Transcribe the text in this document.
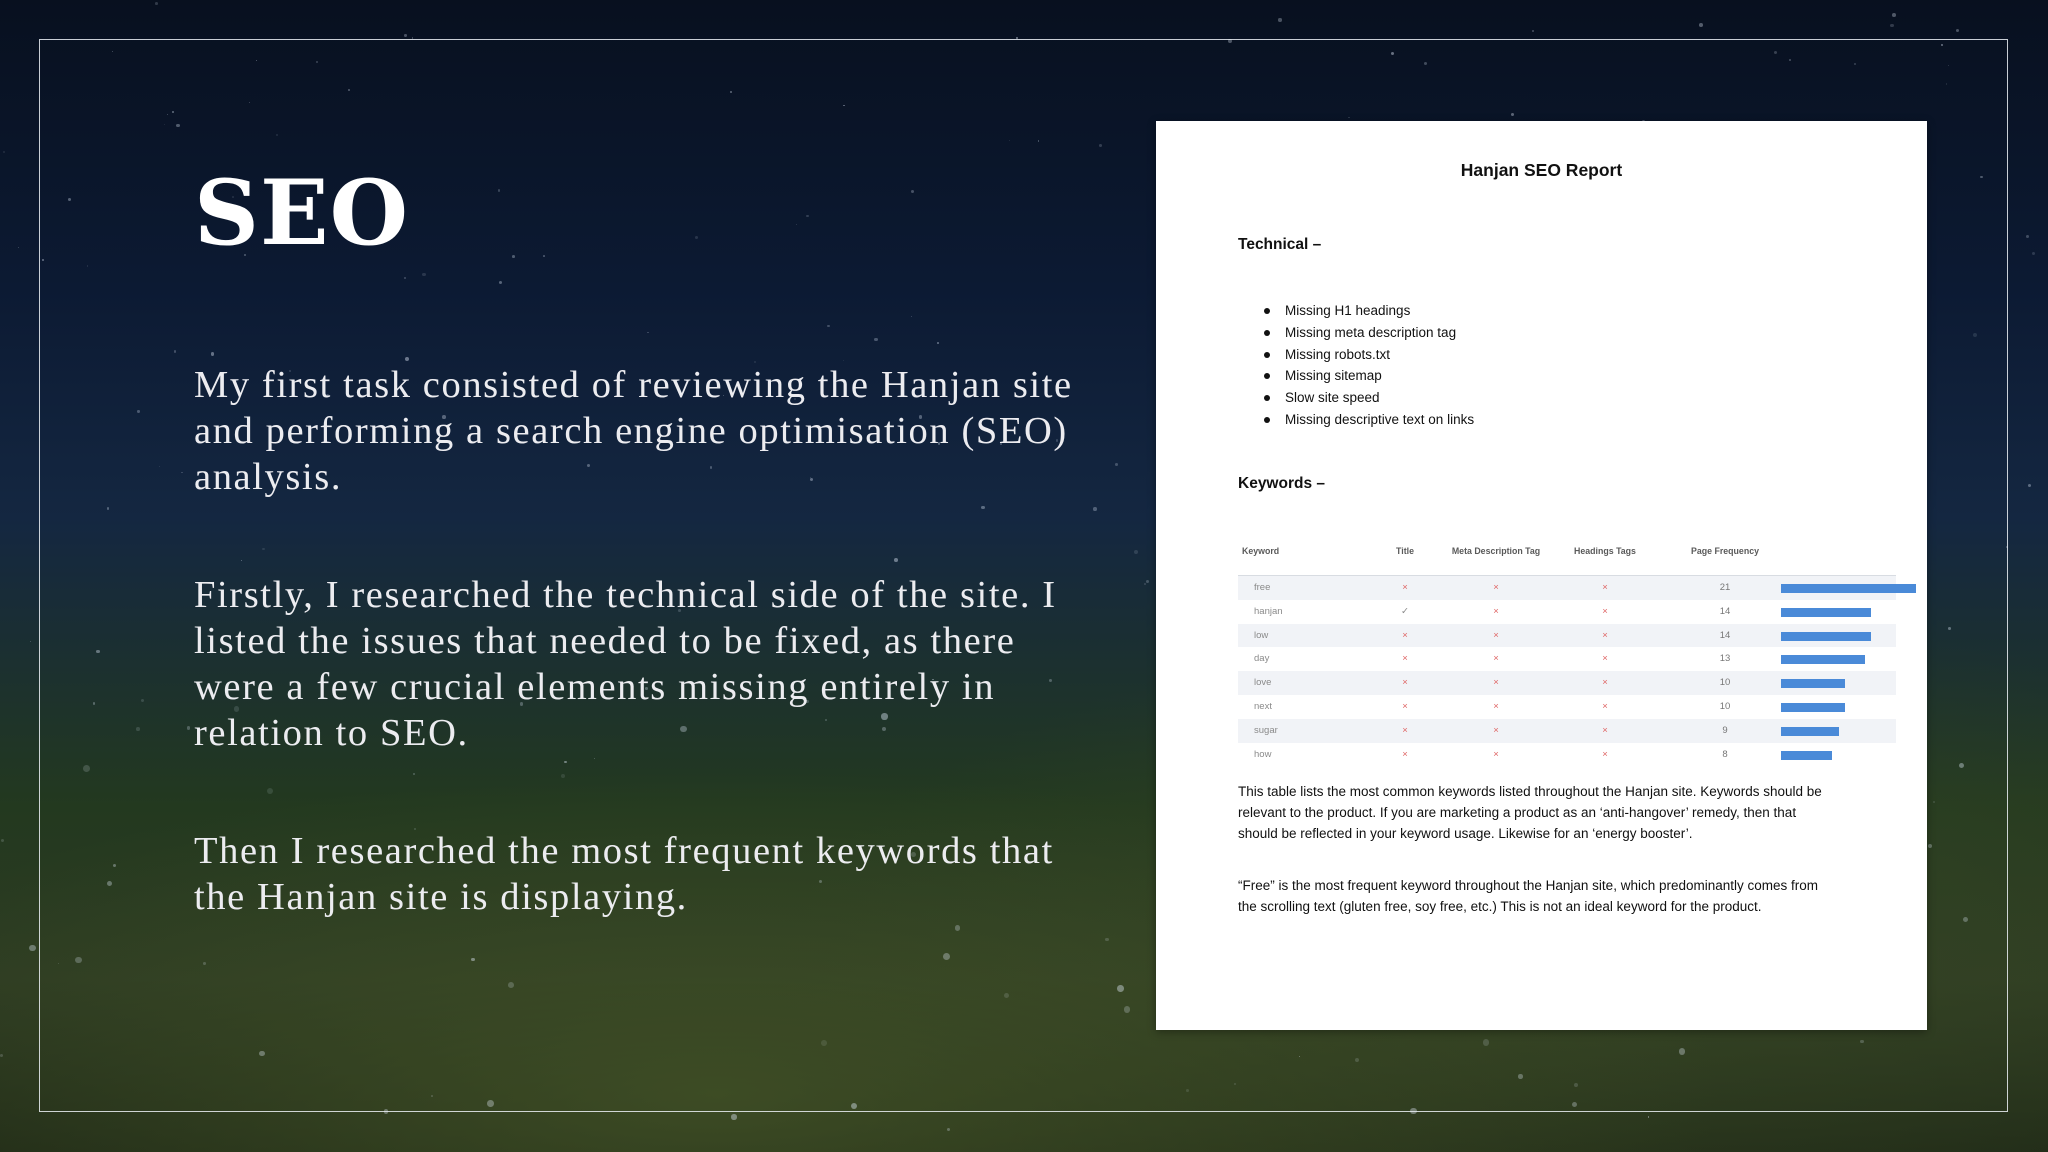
SEO

My first task consisted of reviewing the Hanjan site and performing a search engine optimisation (SEO) analysis.

Firstly, I researched the technical side of the site. I listed the issues that needed to be fixed, as there were a few crucial elements missing entirely in relation to SEO.

Then I researched the most frequent keywords that the Hanjan site is displaying.

Hanjan SEO Report
Technical –
Missing H1 headings
Missing meta description tag
Missing robots.txt
Missing sitemap
Slow site speed
Missing descriptive text on links
Keywords –
Keyword	Title	Meta Description Tag	Headings Tags	Page Frequency
free	×	×	×	21
hanjan	✓	×	×	14
low	×	×	×	14
day	×	×	×	13
love	×	×	×	10
next	×	×	×	10
sugar	×	×	×	9
how	×	×	×	8

This table lists the most common keywords listed throughout the Hanjan site. Keywords should be relevant to the product. If you are marketing a product as an ‘anti-hangover’ remedy, then that should be reflected in your keyword usage. Likewise for an ‘energy booster’.

“Free” is the most frequent keyword throughout the Hanjan site, which predominantly comes from the scrolling text (gluten free, soy free, etc.) This is not an ideal keyword for the product.
